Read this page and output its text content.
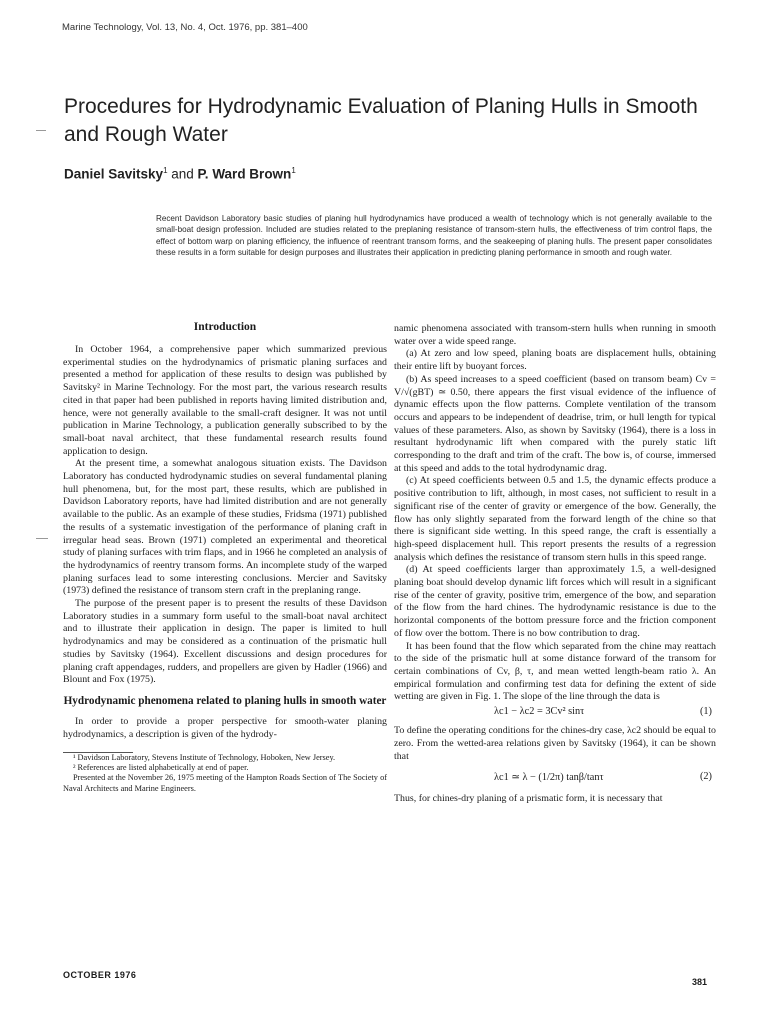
Marine Technology, Vol. 13, No. 4, Oct. 1976, pp. 381–400
Procedures for Hydrodynamic Evaluation of Planing Hulls in Smooth and Rough Water
Daniel Savitsky$^1$ and P. Ward Brown$^1$
Recent Davidson Laboratory basic studies of planing hull hydrodynamics have produced a wealth of technology which is not generally available to the small-boat design profession. Included are studies related to the preplaning resistance of transom-stern hulls, the effectiveness of trim control flaps, the effect of bottom warp on planing efficiency, the influence of reentrant transom forms, and the seakeeping of planing hulls. The present paper consolidates these results in a form suitable for design purposes and illustrates their application in predicting planing performance in smooth and rough water.
Introduction

In October 1964, a comprehensive paper which summarized previous experimental studies on the hydrodynamics of prismatic planing surfaces and presented a method for application of these results to design was published by Savitsky² in Marine Technology. For the most part, the various research results cited in that paper had been published in reports having limited distribution and, hence, were not generally available to the small-craft designer. It was not until publication in Marine Technology, a publication generally subscribed to by the small-boat naval architect, that these fundamental research results found application to design.

At the present time, a somewhat analogous situation exists. The Davidson Laboratory has conducted hydrodynamic studies on several fundamental planing hull phenomena, but, for the most part, these results, which are published in Davidson Laboratory reports, have had limited distribution and are not generally available to the public. As an example of these studies, Fridsma (1971) published the results of a systematic investigation of the performance of planing craft in irregular head seas. Brown (1971) completed an experimental and theoretical study of planing surfaces with trim flaps, and in 1966 he completed an analysis of the hydrodynamics of reentry transom forms. An incomplete study of the warped planing surfaces lead to some interesting conclusions. Mercier and Savitsky (1973) defined the resistance of transom stern craft in the preplaning range.

The purpose of the present paper is to present the results of these Davidson Laboratory studies in a summary form useful to the small-boat naval architect and to illustrate their application in design. The paper is limited to hull hydrodynamics and may be considered as a continuation of the prismatic hull studies by Savitsky (1964). Excellent discussions and design procedures for planing craft appendages, rudders, and propellers are given by Hadler (1966) and Blount and Fox (1975).

Hydrodynamic phenomena related to planing hulls in smooth water

In order to provide a proper perspective for smooth-water planing hydrodynamics, a description is given of the hydrody-

¹ Davidson Laboratory, Stevens Institute of Technology, Hoboken, New Jersey.

² References are listed alphabetically at end of paper.

Presented at the November 26, 1975 meeting of the Hampton Roads Section of The Society of Naval Architects and Marine Engineers.

namic phenomena associated with transom-stern hulls when running in smooth water over a wide speed range.

(a) At zero and low speed, planing boats are displacement hulls, obtaining their entire lift by buoyant forces.

(b) As speed increases to a speed coefficient (based on transom beam) Cv = V/√(gBT) ≃ 0.50, there appears the first visual evidence of the influence of dynamic effects upon the flow patterns. Complete ventilation of the transom occurs and appears to be independent of deadrise, trim, or hull length for typical values of these parameters. Also, as shown by Savitsky (1964), there is a loss in resultant hydrodynamic lift when compared with the purely static lift corresponding to the draft and trim of the craft. The bow is, of course, immersed at this speed and adds to the total hydrodynamic drag.

(c) At speed coefficients between 0.5 and 1.5, the dynamic effects produce a positive contribution to lift, although, in most cases, not sufficient to result in a significant rise of the center of gravity or emergence of the bow. Generally, the flow has only slightly separated from the forward length of the chine so that there is significant side wetting. In this speed range, the craft is essentially a high-speed displacement hull. This report presents the results of a regression analysis which defines the resistance of transom stern hulls in this speed range.

(d) At speed coefficients larger than approximately 1.5, a well-designed planing boat should develop dynamic lift forces which will result in a significant rise of the center of gravity, positive trim, emergence of the bow, and separation of the flow from the hard chines. The hydrodynamic resistance is due to the horizontal components of the bottom pressure force and the friction component of flow over the bottom. There is no bow contribution to drag.

It has been found that the flow which separated from the chine may reattach to the side of the prismatic hull at some distance forward of the transom for certain combinations of Cv, β, τ, and mean wetted length-beam ratio λ. An empirical formulation and confirming test data for defining the extent of side wetting are given in Fig. 1. The slope of the line through the data is

λc1 − λc2 = 3Cv² sinτ	(1)

To define the operating conditions for the chines-dry case, λc2 should be equal to zero. From the wetted-area relations given by Savitsky (1964), it can be shown that

λc1 ≃ λ − (1/2π) tanβ/tanτ	(2)

Thus, for chines-dry planing of a prismatic form, it is necessary that

OCTOBER 1976
381
